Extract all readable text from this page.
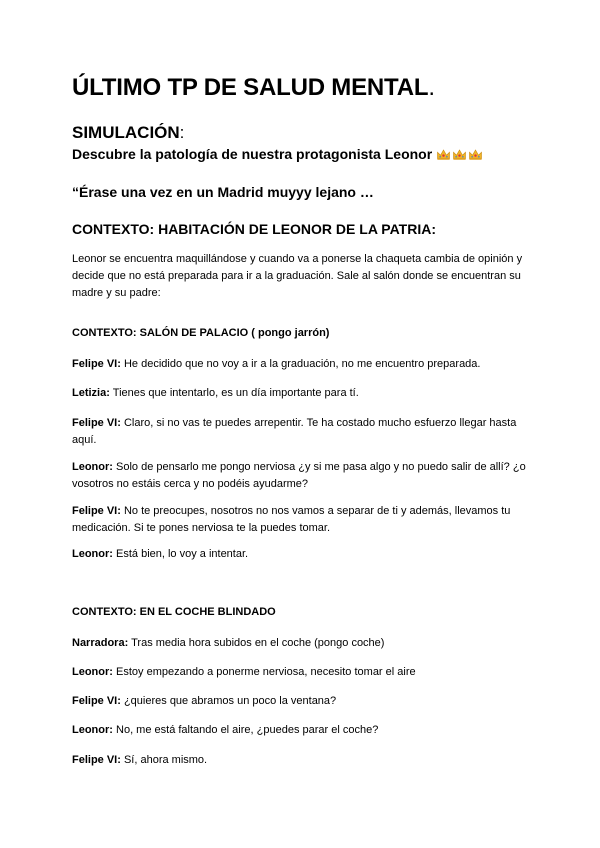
ÚLTIMO TP DE SALUD MENTAL.
SIMULACIÓN:
Descubre la patología de nuestra protagonista Leonor
“Érase una vez en un Madrid muyyy lejano …
CONTEXTO: HABITACIÓN DE LEONOR DE LA PATRIA:
Leonor se encuentra maquillándose y cuando va a ponerse la chaqueta cambia de opinión y decide que no está preparada para ir a la graduación. Sale al salón donde se encuentran su madre y su padre:
CONTEXTO: SALÓN DE PALACIO ( pongo jarrón)
Felipe VI: He decidido que no voy a ir a la graduación, no me encuentro preparada.
Letizia: Tienes que intentarlo, es un día importante para tí.
Felipe VI: Claro, si no vas te puedes arrepentir. Te ha costado mucho esfuerzo llegar hasta aquí.
Leonor: Solo de pensarlo me pongo nerviosa ¿y si me pasa algo y no puedo salir de allí? ¿o vosotros no estáis cerca y no podéis ayudarme?
Felipe VI: No te preocupes, nosotros no nos vamos a separar de ti y además, llevamos tu medicación. Si te pones nerviosa te la puedes tomar.
Leonor: Está bien, lo voy a intentar.
CONTEXTO: EN EL COCHE BLINDADO
Narradora: Tras media hora subidos en el coche (pongo coche)
Leonor: Estoy empezando a ponerme nerviosa, necesito tomar el aire
Felipe VI: ¿quieres que abramos un poco la ventana?
Leonor: No, me está faltando el aire, ¿puedes parar el coche?
Felipe VI: Sí, ahora mismo.
